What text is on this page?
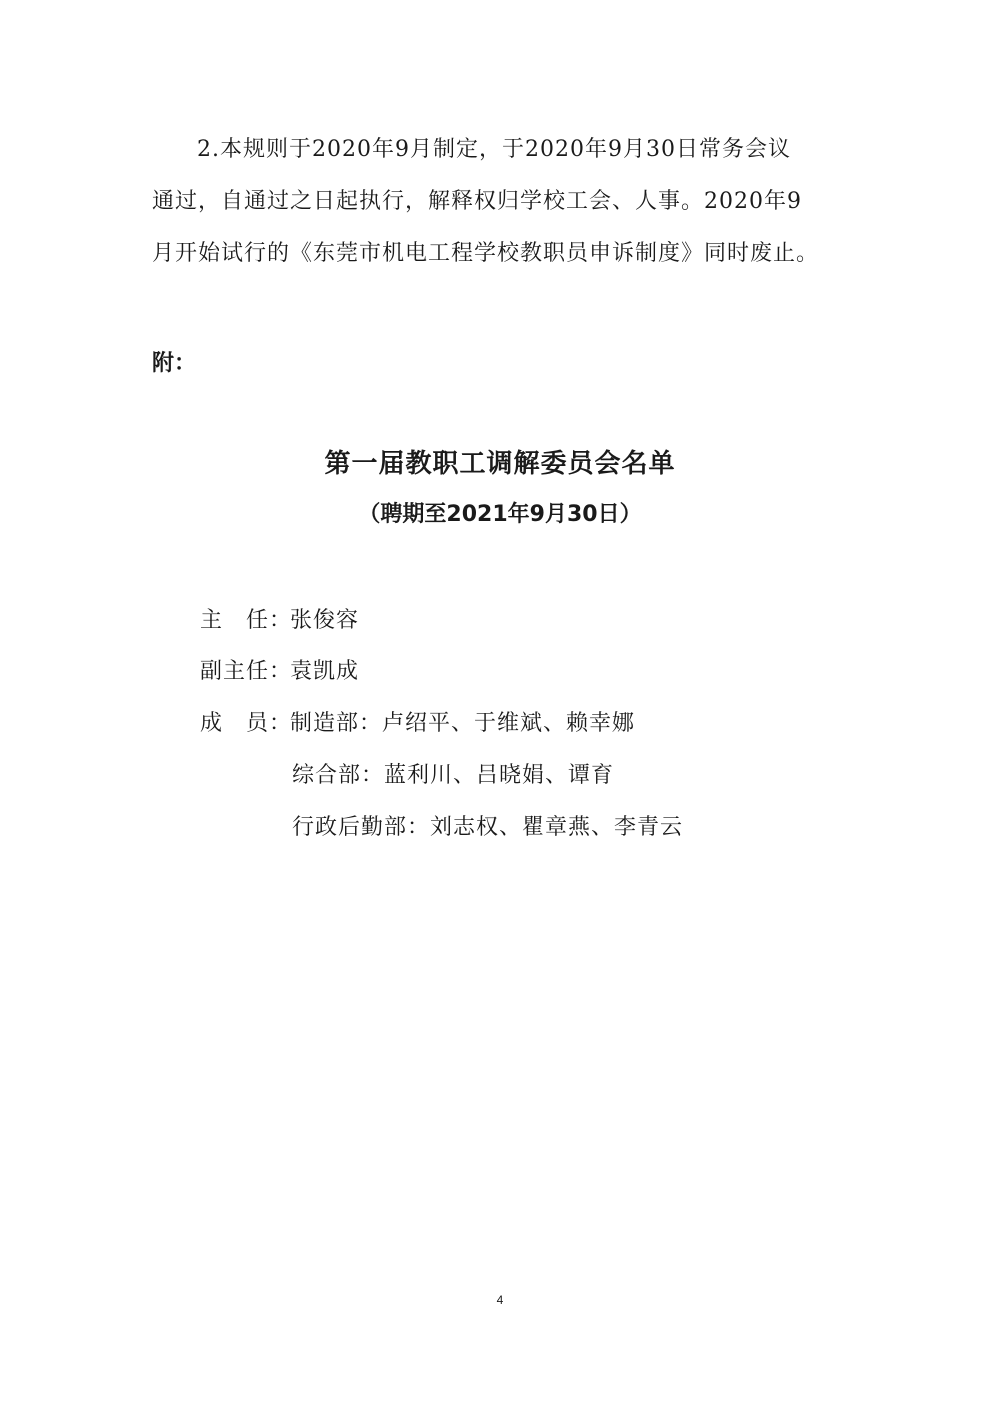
2.本规则于2020年9月制定，于2020年9月30日常务会议
通过，自通过之日起执行，解释权归学校工会、人事。2020年9
月开始试行的《东莞市机电工程学校教职员申诉制度》同时废止。
附：
第一届教职工调解委员会名单
（聘期至2021年9月30日）
主　任：张俊容
副主任：袁凯成
成　员：制造部：卢绍平、于维斌、赖幸娜
综合部：蓝利川、吕晓娟、谭育
行政后勤部：刘志权、瞿章燕、李青云
4
